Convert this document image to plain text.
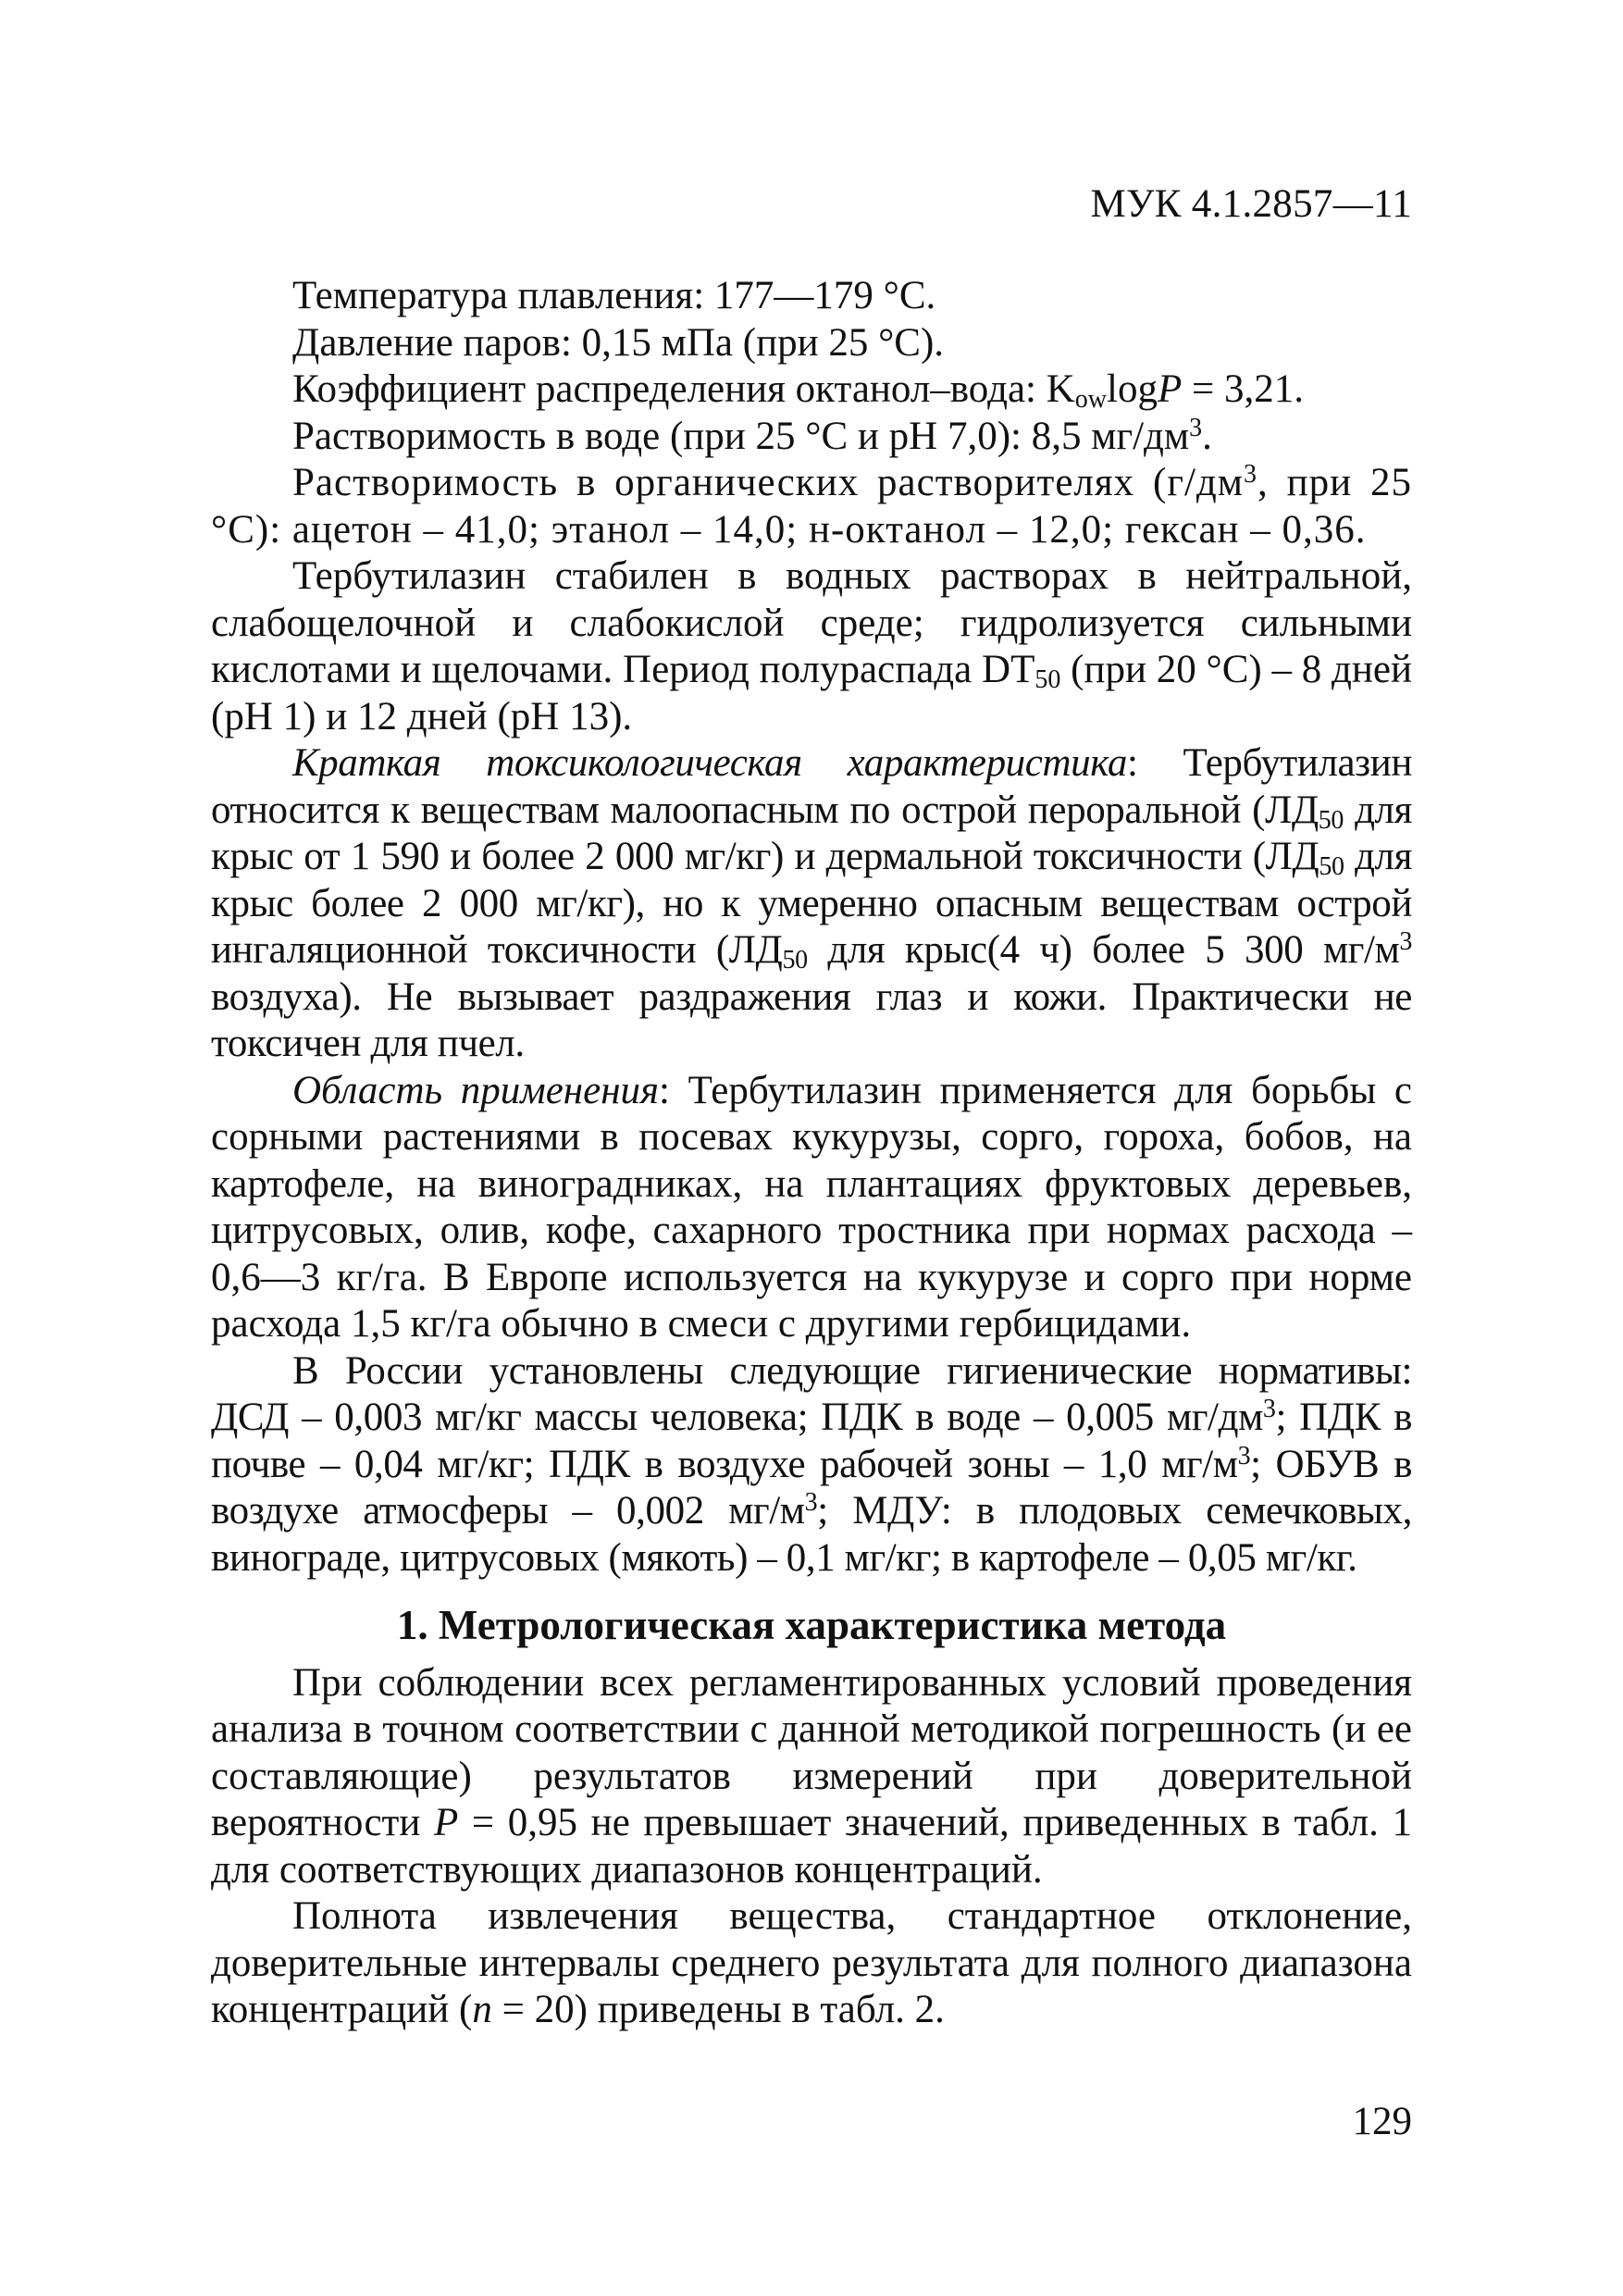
МУК 4.1.2857—11

Температура плавления: 177—179 °С.

Давление паров: 0,15 мПа (при 25 °С).

Коэффициент распределения октанол–вода: $K_{ow}\log P = 3,21$.

Растворимость в воде (при 25 °С и рН 7,0): 8,5 $мг/дм^3$.

Растворимость в органических растворителях ($г/дм^3$, при 25 °С): ацетон – 41,0; этанол – 14,0; н-октанол – 12,0; гексан – 0,36.

Тербутилазин стабилен в водных растворах в нейтральной, слабощелочной и слабокислой среде; гидролизуется сильными кислотами и щелочами. Период полураспада $DT_{50}$ (при 20 °С) – 8 дней (рН 1) и 12 дней (рН 13).

Краткая токсикологическая характеристика: Тербутилазин относится к веществам малоопасным по острой пероральной ($ЛД_{50}$ для крыс от 1 590 и более 2 000 мг/кг) и дермальной токсичности ($ЛД_{50}$ для крыс более 2 000 мг/кг), но к умеренно опасным веществам острой ингаляционной токсичности ($ЛД_{50}$ для крыс(4 ч) более 5 300 $мг/м^3$ воздуха). Не вызывает раздражения глаз и кожи. Практически не токсичен для пчел.

Область применения: Тербутилазин применяется для борьбы с сорными растениями в посевах кукурузы, сорго, гороха, бобов, на картофеле, на виноградниках, на плантациях фруктовых деревьев, цитрусовых, олив, кофе, сахарного тростника при нормах расхода – 0,6—3 кг/га. В Европе используется на кукурузе и сорго при норме расхода 1,5 кг/га обычно в смеси с другими гербицидами.

В России установлены следующие гигиенические нормативы: ДСД – 0,003 мг/кг массы человека; ПДК в воде – 0,005 $мг/дм^3$; ПДК в почве – 0,04 мг/кг; ПДК в воздухе рабочей зоны – 1,0 $мг/м^3$; ОБУВ в воздухе атмосферы – 0,002 $мг/м^3$; МДУ: в плодовых семечковых, винограде, цитрусовых (мякоть) – 0,1 мг/кг; в картофеле – 0,05 мг/кг.

1. Метрологическая характеристика метода

При соблюдении всех регламентированных условий проведения анализа в точном соответствии с данной методикой погрешность (и ее составляющие) результатов измерений при доверительной вероятности Р = 0,95 не превышает значений, приведенных в табл. 1 для соответствующих диапазонов концентраций.

Полнота извлечения вещества, стандартное отклонение, доверительные интервалы среднего результата для полного диапазона концентраций (n = 20) приведены в табл. 2.

129
